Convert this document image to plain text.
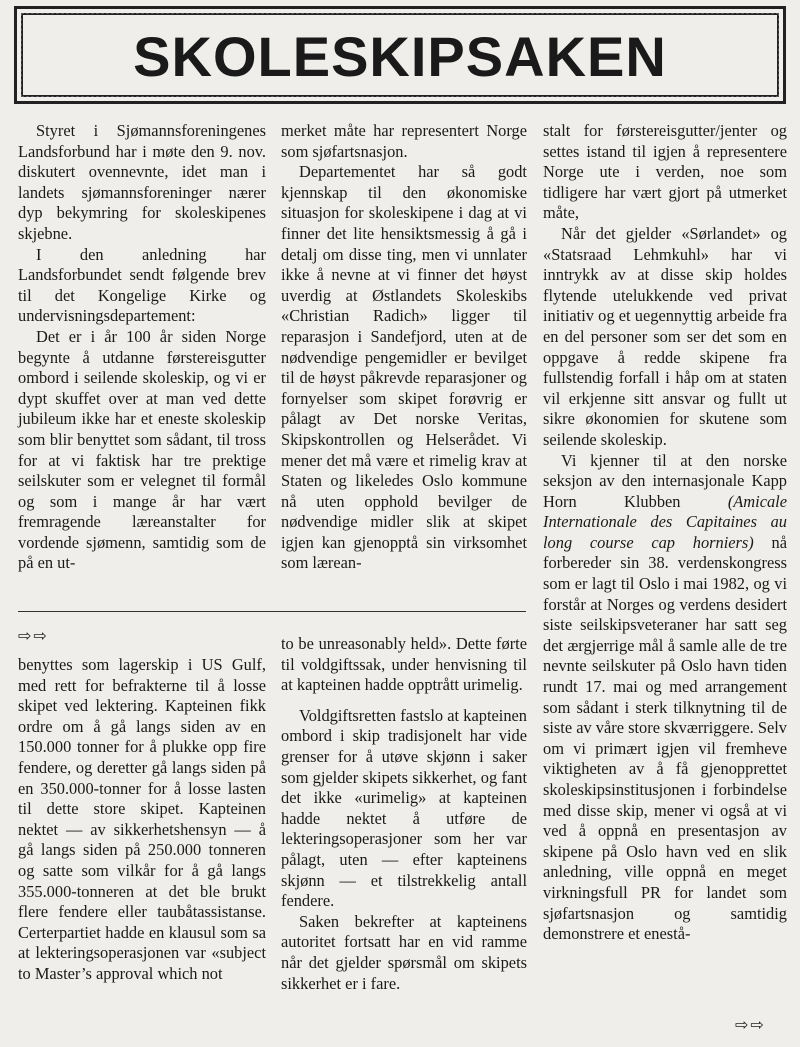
SKOLESKIPSAKEN

Styret i Sjømannsforeningenes Landsforbund har i møte den 9. nov. diskutert ovennevnte, idet man i landets sjømannsforeninger nærer dyp bekymring for skoleskipenes skjebne.

I den anledning har Landsforbundet sendt følgende brev til det Kongelige Kirke og undervisningsdepartement:

Det er i år 100 år siden Norge begynte å utdanne førstereisgutter ombord i seilende skoleskip, og vi er dypt skuffet over at man ved dette jubileum ikke har et eneste skoleskip som blir benyttet som sådant, til tross for at vi faktisk har tre prektige seilskuter som er velegnet til formål og som i mange år har vært fremragende læreanstalter for vordende sjømenn, samtidig som de på en ut-

merket måte har representert Norge som sjøfartsnasjon.

Departementet har så godt kjennskap til den økonomiske situasjon for skoleskipene i dag at vi finner det lite hensiktsmessig å gå i detalj om disse ting, men vi unnlater ikke å nevne at vi finner det høyst uverdig at Østlandets Skoleskibs «Christian Radich» ligger til reparasjon i Sandefjord, uten at de nødvendige pengemidler er bevilget til de høyst påkrevde reparasjoner og fornyelser som skipet forøvrig er pålagt av Det norske Veritas, Skipskontrollen og Helserådet. Vi mener det må være et rimelig krav at Staten og likeledes Oslo kommune nå uten opphold bevilger de nødvendige midler slik at skipet igjen kan gjenopptå sin virksomhet som lærean-

stalt for førstereisgutter/jenter og settes istand til igjen å representere Norge ute i verden, noe som tidligere har vært gjort på utmerket måte,

Når det gjelder «Sørlandet» og «Statsraad Lehmkuhl» har vi inntrykk av at disse skip holdes flytende utelukkende ved privat initiativ og et uegennyttig arbeide fra en del personer som ser det som en oppgave å redde skipene fra fullstendig forfall i håp om at staten vil erkjenne sitt ansvar og fullt ut sikre økonomien for skutene som seilende skoleskip.

Vi kjenner til at den norske seksjon av den internasjonale Kapp Horn Klubben (Amicale Internationale des Capitaines au long course cap horniers) nå forbereder sin 38. verdenskongress som er lagt til Oslo i mai 1982, og vi forstår at Norges og verdens desidert siste seilskipsveteraner har satt seg det ærgjerrige mål å samle alle de tre nevnte seilskuter på Oslo havn tiden rundt 17. mai og med arrangement som sådant i sterk tilknytning til de siste av våre store skværriggere. Selv om vi primært igjen vil fremheve viktigheten av å få gjenopprettet skoleskipsinstitusjonen i forbindelse med disse skip, mener vi også at vi ved å oppnå en presentasjon av skipene på Oslo havn ved en slik anledning, ville oppnå en meget virkningsfull PR for landet som sjøfartsnasjon og samtidig demonstrere et enestå-

⇨⇨

benyttes som lagerskip i US Gulf, med rett for befrakterne til å losse skipet ved lektering. Kapteinen fikk ordre om å gå langs siden av en 150.000 tonner for å plukke opp fire fendere, og deretter gå langs siden på en 350.000-tonner for å losse lasten til dette store skipet. Kapteinen nektet — av sikkerhetshensyn — å gå langs siden på 250.000 tonneren og satte som vilkår for å gå langs 355.000-tonneren at det ble brukt flere fendere eller taubåtassistanse. Certerpartiet hadde en klausul som sa at lekteringsoperasjonen var «subject to Master’s approval which not

to be unreasonably held». Dette førte til voldgiftssak, under henvisning til at kapteinen hadde opptrått urimelig.

Voldgiftsretten fastslo at kapteinen ombord i skip tradisjonelt har vide grenser for å utøve skjønn i saker som gjelder skipets sikkerhet, og fant det ikke «urimelig» at kapteinen hadde nektet å utføre de lekteringsoperasjoner som her var pålagt, uten — efter kapteinens skjønn — et tilstrekkelig antall fendere.

Saken bekrefter at kapteinens autoritet fortsatt har en vid ramme når det gjelder spørsmål om skipets sikkerhet er i fare.

⇨⇨
